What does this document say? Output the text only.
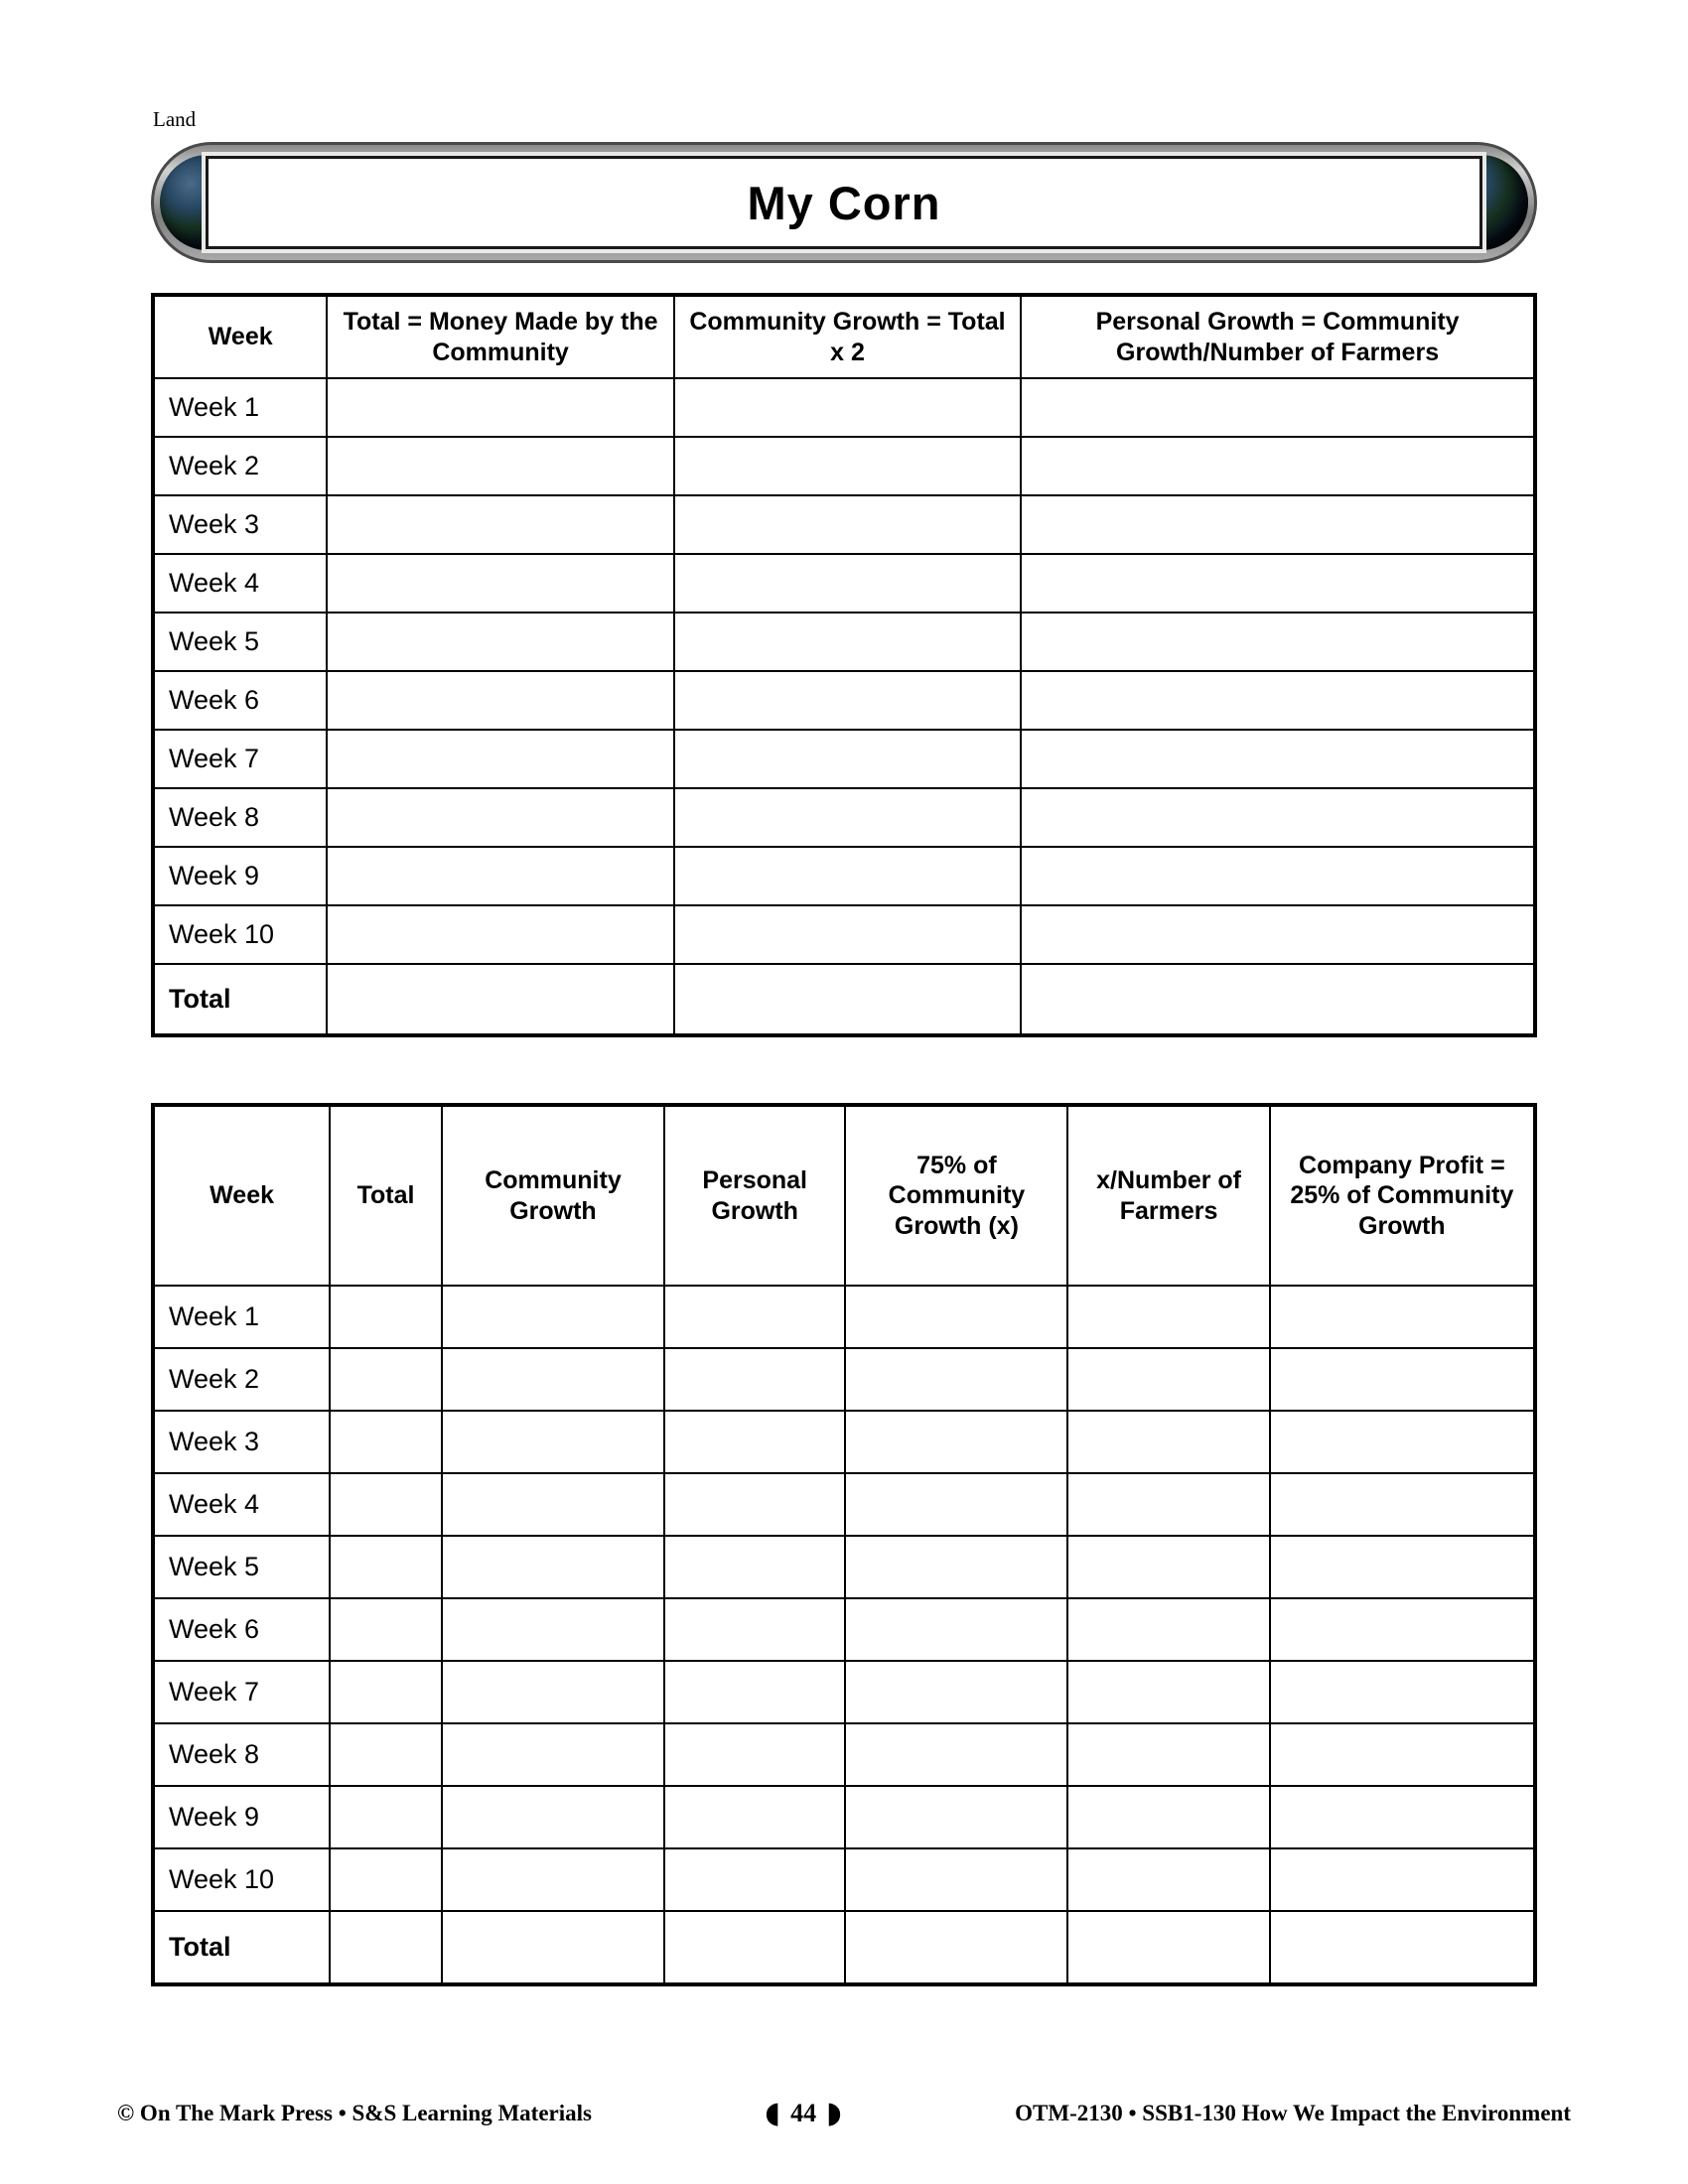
Land
My Corn
Week	Total = Money Made by the Community	Community Growth = Total x 2	Personal Growth = Community Growth/Number of Farmers
Week 1			
Week 2			
Week 3			
Week 4			
Week 5			
Week 6			
Week 7			
Week 8			
Week 9			
Week 10			
Total			
Week	Total	Community Growth	Personal Growth	75% of Community Growth (x)	x/Number of Farmers	Company Profit = 25% of Community Growth
Week 1						
Week 2						
Week 3						
Week 4						
Week 5						
Week 6						
Week 7						
Week 8						
Week 9						
Week 10						
Total						
© On The Mark Press • S&S Learning Materials	◖ 44 ◗	OTM-2130 • SSB1-130 How We Impact the Environment
